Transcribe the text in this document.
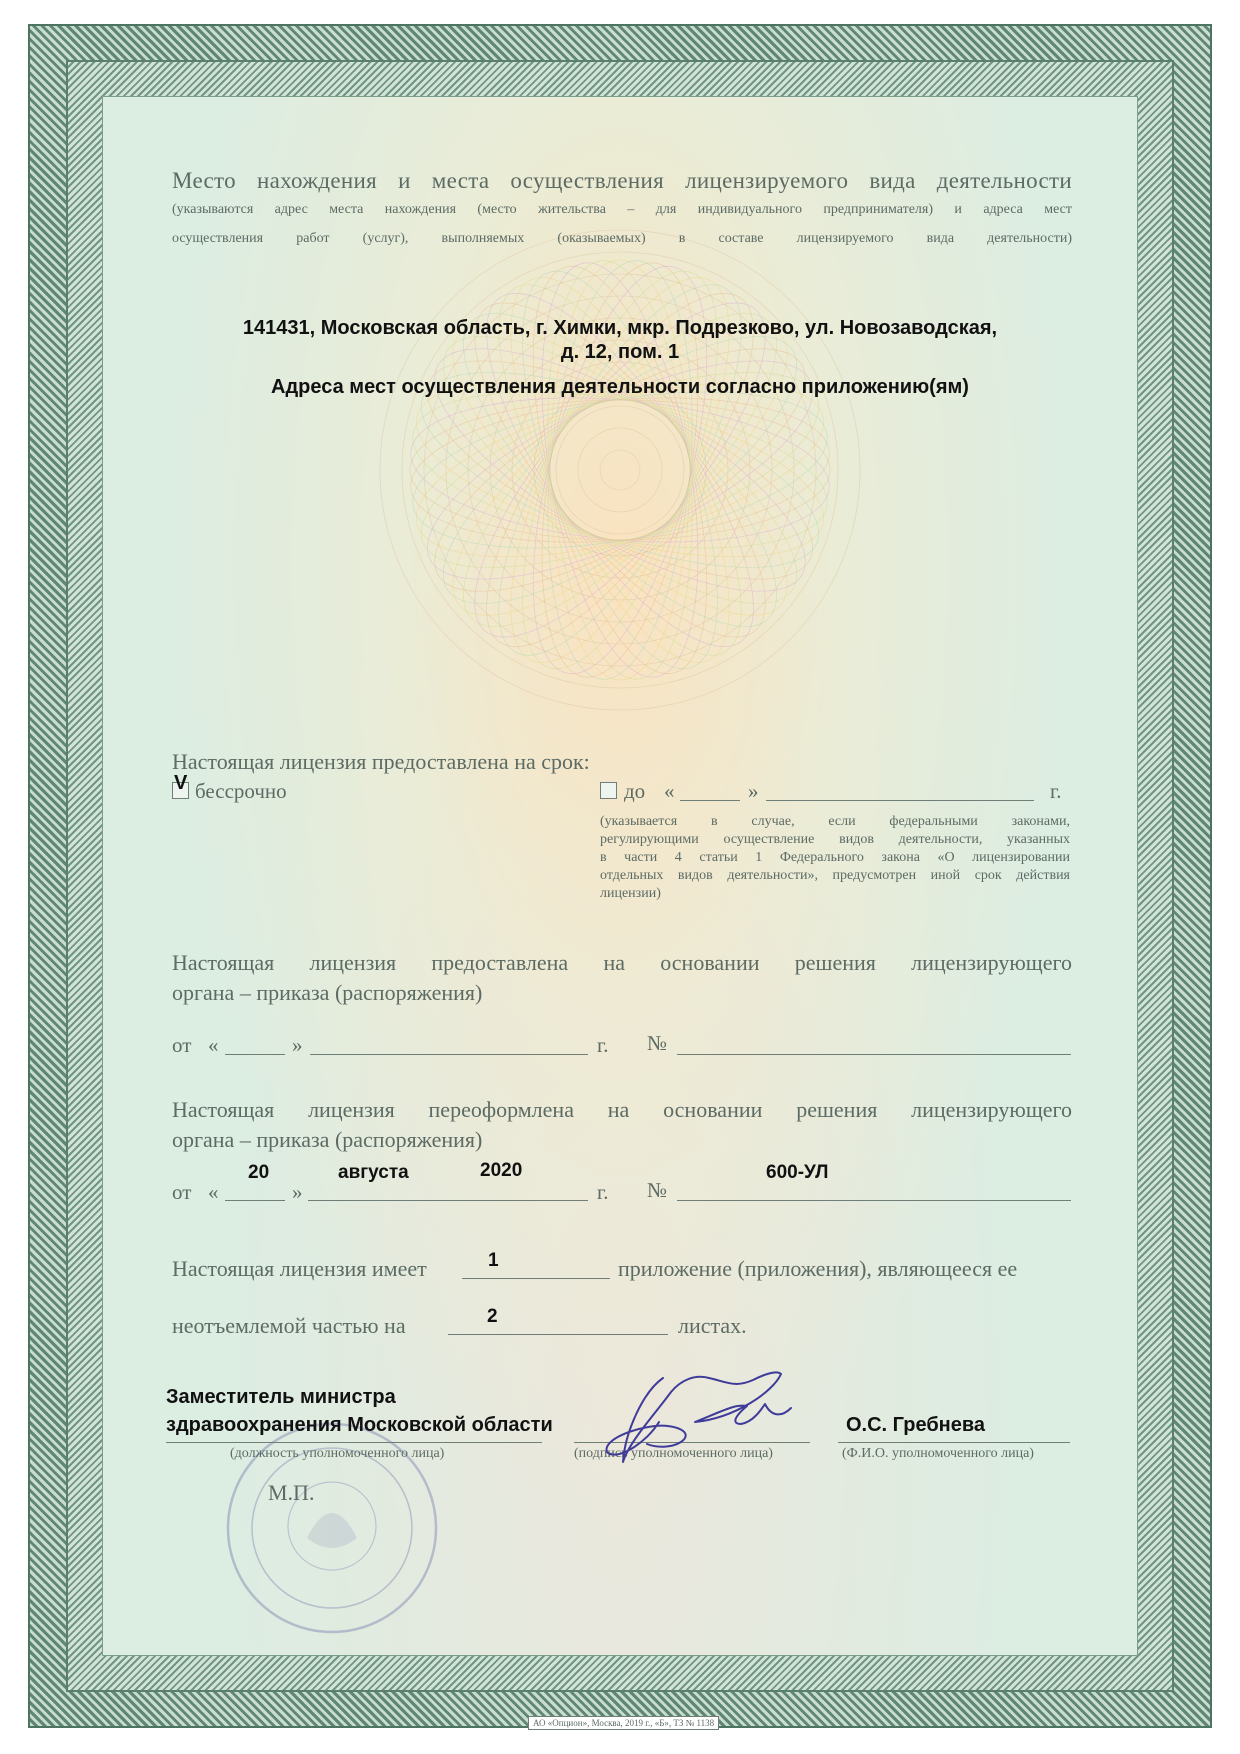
Место нахождения и места осуществления лицензируемого вида деятельности
(указываются адрес места нахождения (место жительства – для индивидуального предпринимателя) и адреса мест
осуществления работ (услуг), выполняемых (оказываемых) в составе лицензируемого вида деятельности)
141431, Московская область, г. Химки, мкр. Подрезково, ул. Новозаводская,
д. 12, пом. 1
Адреса мест осуществления деятельности согласно приложению(ям)
Настоящая лицензия предоставлена на срок:
V бессрочно	до «	»	г.
(указывается в случае, если федеральными законами,
регулирующими осуществление видов деятельности, указанных
в части 4 статьи 1 Федерального закона «О лицензировании
отдельных видов деятельности», предусмотрен иной срок действия
лицензии)
Настоящая лицензия предоставлена на основании решения лицензирующего
органа – приказа (распоряжения)
от «	»	г. №
Настоящая лицензия переоформлена на основании решения лицензирующего
органа – приказа (распоряжения)
20	августа	2020	600-УЛ
от «	»	г. №
Настоящая лицензия имеет	1	приложение (приложения), являющееся ее
неотъемлемой частью на	2	листах.
М.П.
Заместитель министра
здравоохранения Московской области	О.С. Гребнева
(должность уполномоченного лица)	(подпись уполномоченного лица)	(Ф.И.О. уполномоченного лица)
АО «Опцион», Москва, 2019 г., «Б», ТЗ № 1138
